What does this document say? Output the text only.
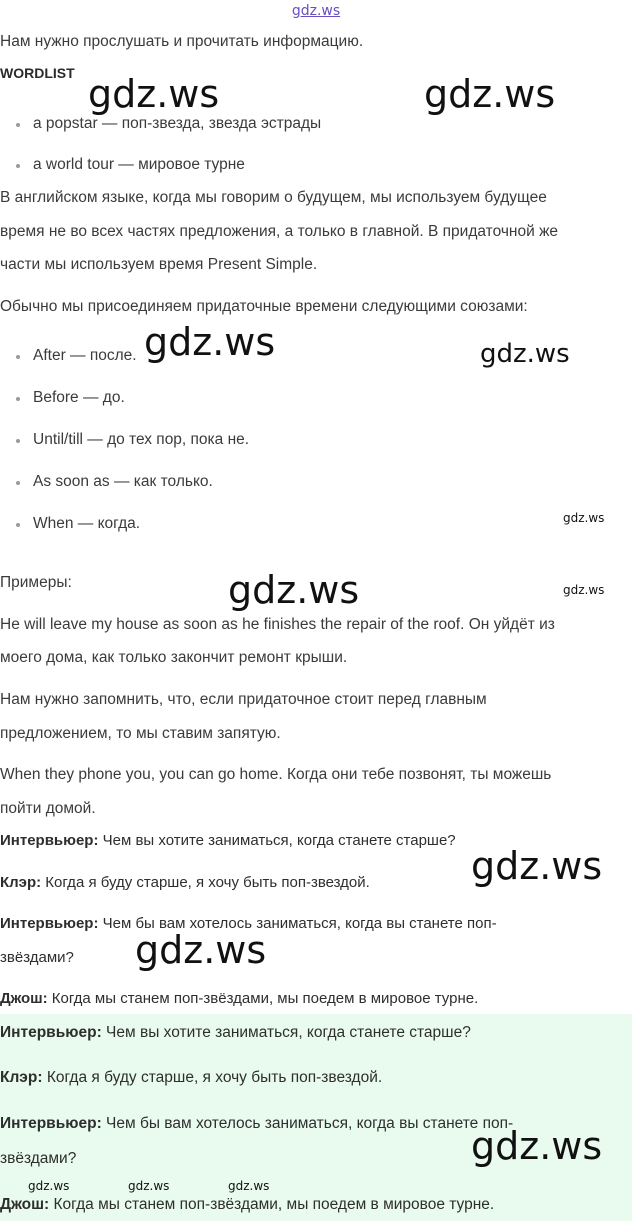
gdz.ws
Нам нужно прослушать и прочитать информацию.
WORDLIST
a popstar — поп-звезда, звезда эстрады
a world tour — мировое турне
В английском языке, когда мы говорим о будущем, мы используем будущее
время не во всех частях предложения, а только в главной. В придаточной же
части мы используем время Present Simple.
Обычно мы присоединяем придаточные времени следующими союзами:
After — после.
Before — до.
Until/till — до тех пор, пока не.
As soon as — как только.
When — когда.
Примеры:
He will leave my house as soon as he finishes the repair of the roof. Он уйдёт из
моего дома, как только закончит ремонт крыши.
Нам нужно запомнить, что, если придаточное стоит перед главным
предложением, то мы ставим запятую.
When they phone you, you can go home. Когда они тебе позвонят, ты можешь
пойти домой.
Интервьюер: Чем вы хотите заниматься, когда станете старше?
Клэр: Когда я буду старше, я хочу быть поп-звездой.
Интервьюер: Чем бы вам хотелось заниматься, когда вы станете поп-
звёздами?
Джош: Когда мы станем поп-звёздами, мы поедем в мировое турне.
Интервьюер: Чем вы хотите заниматься, когда станете старше?
Клэр: Когда я буду старше, я хочу быть поп-звездой.
Интервьюер: Чем бы вам хотелось заниматься, когда вы станете поп-
звёздами?
Джош: Когда мы станем поп-звёздами, мы поедем в мировое турне.
gdz.ws	gdz.ws
gdz.ws	gdz.ws
gdz.ws
gdz.ws	gdz.ws
gdz.ws
gdz.ws
gdz.ws
gdz.ws	gdz.ws	gdz.ws
